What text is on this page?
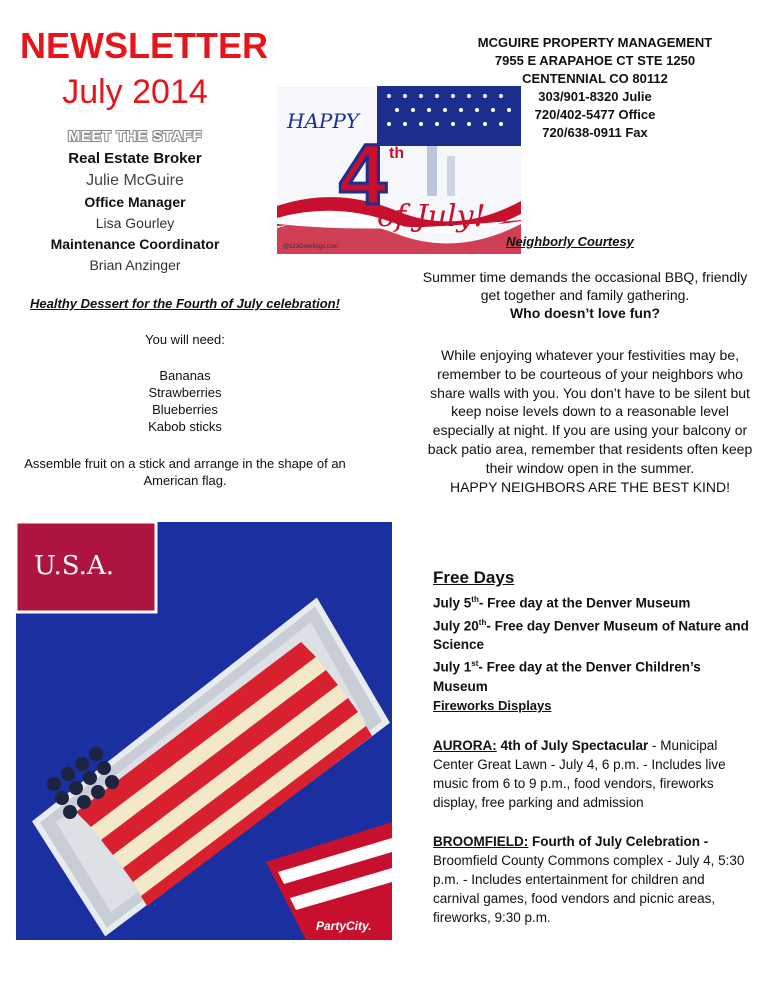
NEWSLETTER
July 2014
MEET THE STAFF
Real Estate Broker
Julie McGuire
Office Manager
Lisa Gourley
Maintenance Coordinator
Brian Anzinger
MCGUIRE PROPERTY MANAGEMENT
7955 E ARAPAHOE CT STE 1250
CENTENNIAL CO 80112
303/901-8320 Julie
720/402-5477 Office
720/638-0911 Fax
HAPPY
4 th
of July!
@123Greetings.com
Healthy Dessert for the Fourth of July celebration!
You will need:
Bananas
Strawberries
Blueberries
Kabob sticks
Assemble fruit on a stick and arrange in the shape of an American flag.
U.S.A.
PartyCity.
Neighborly Courtesy
Summer time demands the occasional BBQ, friendly get together and family gathering.
Who doesn’t love fun?
While enjoying whatever your festivities may be, remember to be courteous of your neighbors who share walls with you. You don’t have to be silent but keep noise levels down to a reasonable level especially at night. If you are using your balcony or back patio area, remember that residents often keep their window open in the summer.
HAPPY NEIGHBORS ARE THE BEST KIND!
Free Days
July 5th- Free day at the Denver Museum
July 20th- Free day Denver Museum of Nature and Science
July 1st- Free day at the Denver Children’s Museum
Fireworks Displays
AURORA: 4th of July Spectacular - Municipal Center Great Lawn - July 4, 6 p.m. - Includes live music from 6 to 9 p.m., food vendors, fireworks display, free parking and admission
BROOMFIELD: Fourth of July Celebration - Broomfield County Commons complex - July 4, 5:30 p.m. - Includes entertainment for children and carnival games, food vendors and picnic areas, fireworks, 9:30 p.m.
